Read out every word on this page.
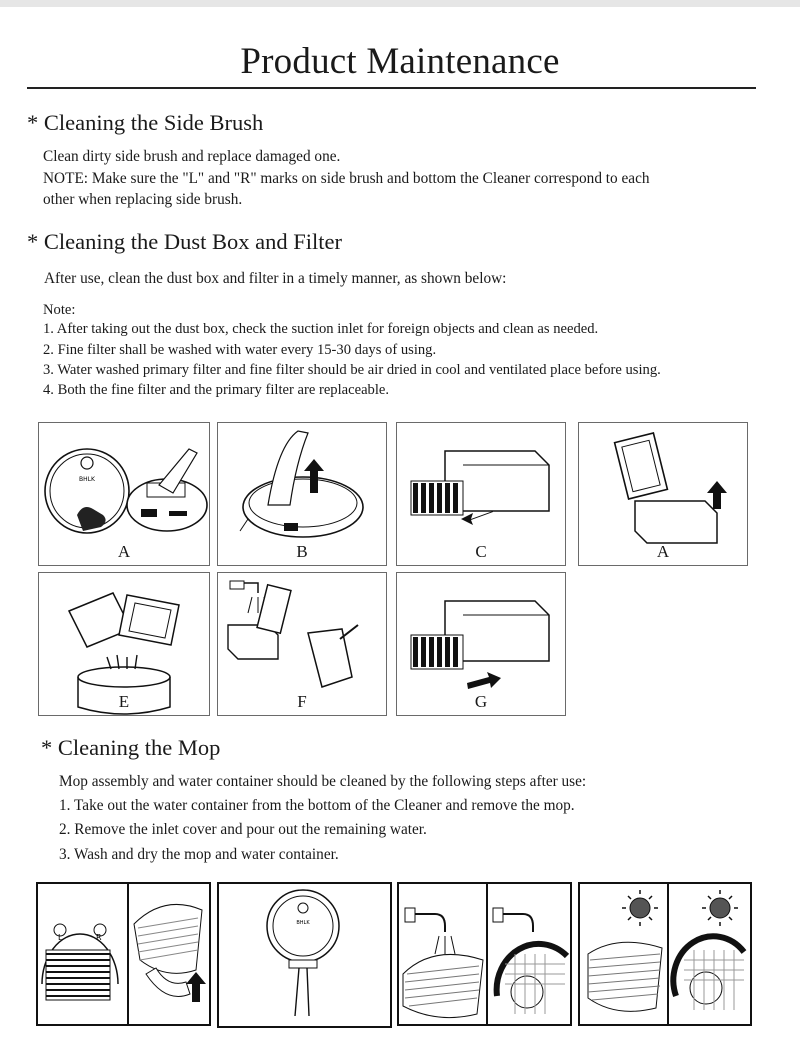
Product Maintenance
* Cleaning the Side Brush
Clean dirty side brush and replace damaged one.
NOTE: Make sure the "L" and "R" marks on side brush and bottom the Cleaner correspond to each
other when replacing side brush.
* Cleaning the Dust Box and Filter
After use, clean the dust box and filter in a timely manner, as shown below:
Note:
1. After taking out the dust box, check the suction inlet for foreign objects and clean as needed.
2. Fine filter shall be washed with water every 15-30 days of using.
3. Water washed primary filter and fine filter should be air dried in cool and ventilated place before using.
4. Both the fine filter and the primary filter are replaceable.
BHLK
A	B	C	A
E	F	G
* Cleaning the Mop
Mop assembly and water container should be cleaned by the following steps after use:
1. Take out the water container from the bottom of the Cleaner and remove the mop.
2. Remove the inlet cover and pour out the remaining water.
3. Wash and dry the mop and water container.
L	R
BHLK
